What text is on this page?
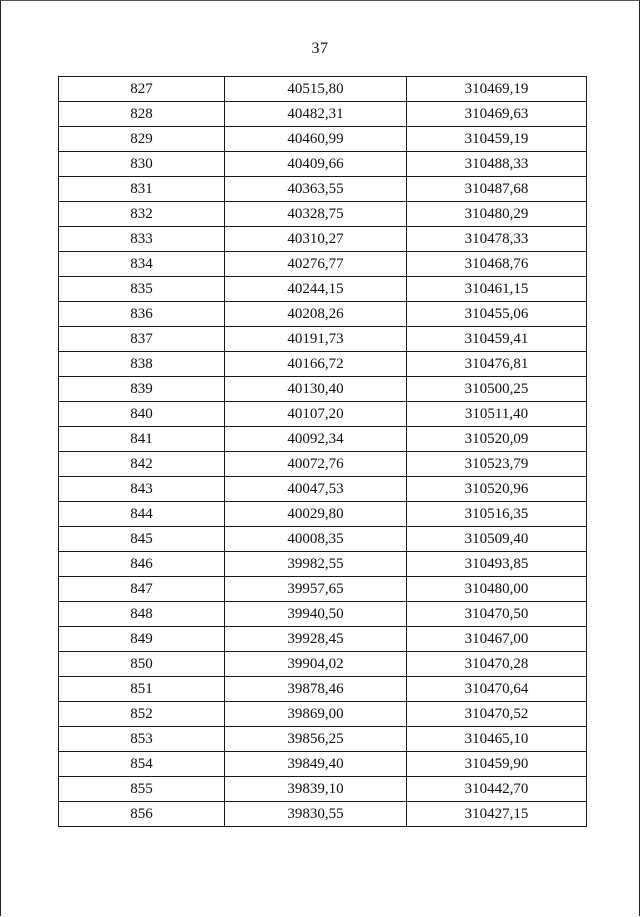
37
827	40515,80	310469,19
828	40482,31	310469,63
829	40460,99	310459,19
830	40409,66	310488,33
831	40363,55	310487,68
832	40328,75	310480,29
833	40310,27	310478,33
834	40276,77	310468,76
835	40244,15	310461,15
836	40208,26	310455,06
837	40191,73	310459,41
838	40166,72	310476,81
839	40130,40	310500,25
840	40107,20	310511,40
841	40092,34	310520,09
842	40072,76	310523,79
843	40047,53	310520,96
844	40029,80	310516,35
845	40008,35	310509,40
846	39982,55	310493,85
847	39957,65	310480,00
848	39940,50	310470,50
849	39928,45	310467,00
850	39904,02	310470,28
851	39878,46	310470,64
852	39869,00	310470,52
853	39856,25	310465,10
854	39849,40	310459,90
855	39839,10	310442,70
856	39830,55	310427,15
